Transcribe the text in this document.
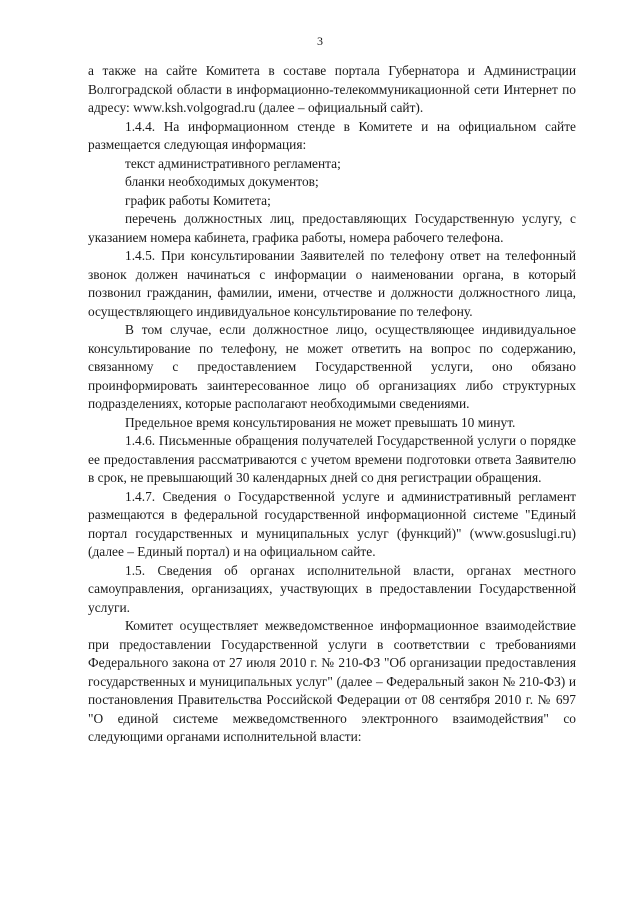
3

а также на сайте Комитета в составе портала Губернатора и Администрации Волгоградской области в информационно-телекоммуникационной сети Интернет по адресу: www.ksh.volgograd.ru (далее – официальный сайт).

1.4.4. На информационном стенде в Комитете и на официальном сайте размещается следующая информация:

текст административного регламента;

бланки необходимых документов;

график работы Комитета;

перечень должностных лиц, предоставляющих Государственную услугу, с указанием номера кабинета, графика работы, номера рабочего телефона.

1.4.5. При консультировании Заявителей по телефону ответ на телефонный звонок должен начинаться с информации о наименовании органа, в который позвонил гражданин, фамилии, имени, отчестве и должности должностного лица, осуществляющего индивидуальное консультирование по телефону.

В том случае, если должностное лицо, осуществляющее индивидуальное консультирование по телефону, не может ответить на вопрос по содержанию, связанному с предоставлением Государственной услуги, оно обязано проинформировать заинтересованное лицо об организациях либо структурных подразделениях, которые располагают необходимыми сведениями.

Предельное время консультирования не может превышать 10 минут.

1.4.6. Письменные обращения получателей Государственной услуги о порядке ее предоставления рассматриваются с учетом времени подготовки ответа Заявителю в срок, не превышающий 30 календарных дней со дня регистрации обращения.

1.4.7. Сведения о Государственной услуге и административный регламент размещаются в федеральной государственной информационной системе "Единый портал государственных и муниципальных услуг (функций)" (www.gosuslugi.ru) (далее – Единый портал) и на официальном сайте.

1.5. Сведения об органах исполнительной власти, органах местного самоуправления, организациях, участвующих в предоставлении Государственной услуги.

Комитет осуществляет межведомственное информационное взаимодействие при предоставлении Государственной услуги в соответствии с требованиями Федерального закона от 27 июля 2010 г. № 210-ФЗ "Об организации предоставления государственных и муниципальных услуг" (далее – Федеральный закон № 210-ФЗ) и постановления Правительства Российской Федерации от 08 сентября 2010 г. № 697 "О единой системе межведомственного электронного взаимодействия" со следующими органами исполнительной власти:
